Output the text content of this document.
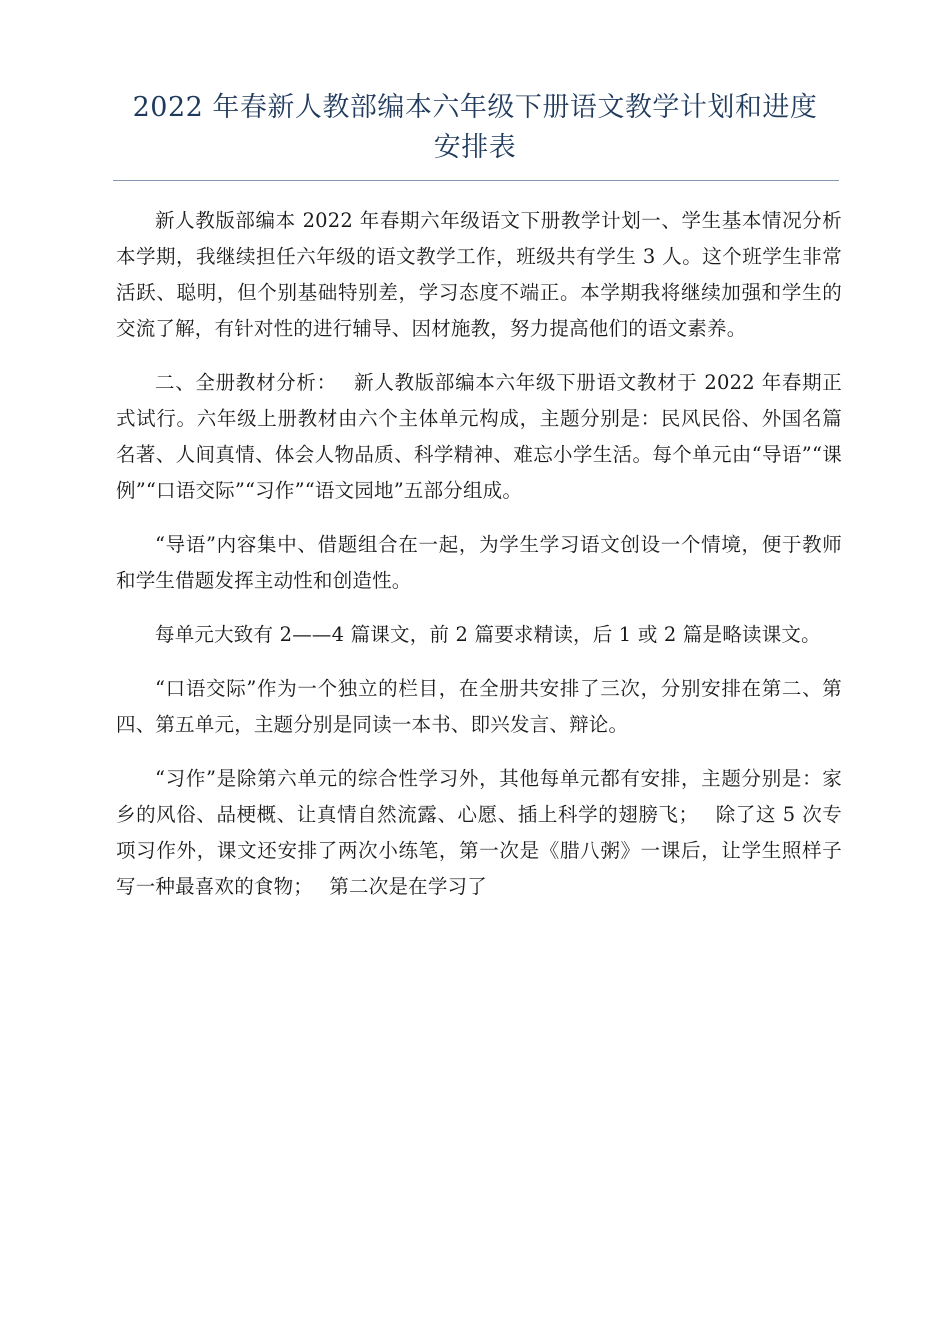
2022 年春新人教部编本六年级下册语文教学计划和进度
安排表

新人教版部编本 2022 年春期六年级语文下册教学计划一、学生基本情况分析本学期，我继续担任六年级的语文教学工作，班级共有学生 3 人。这个班学生非常活跃、聪明，但个别基础特别差，学习态度不端正。本学期我将继续加强和学生的交流了解，有针对性的进行辅导、因材施教，努力提高他们的语文素养。

二、全册教材分析：　 新人教版部编本六年级下册语文教材于 2022 年春期正式试行。六年级上册教材由六个主体单元构成，主题分别是：民风民俗、外国名篇名著、人间真情、体会人物品质、科学精神、难忘小学生活。每个单元由“导语”“课例”“口语交际”“习作”“语文园地”五部分组成。

“导语”内容集中、借题组合在一起，为学生学习语文创设一个情境，便于教师和学生借题发挥主动性和创造性。

每单元大致有 2——4 篇课文，前 2 篇要求精读，后 1 或 2 篇是略读课文。

“口语交际”作为一个独立的栏目，在全册共安排了三次，分别安排在第二、第四、第五单元，主题分别是同读一本书、即兴发言、辩论。

“习作”是除第六单元的综合性学习外，其他每单元都有安排，主题分别是：家乡的风俗、品梗概、让真情自然流露、心愿、插上科学的翅膀飞；　 除了这 5 次专项习作外，课文还安排了两次小练笔，第一次是《腊八粥》一课后，让学生照样子写一种最喜欢的食物；　 第二次是在学习了
